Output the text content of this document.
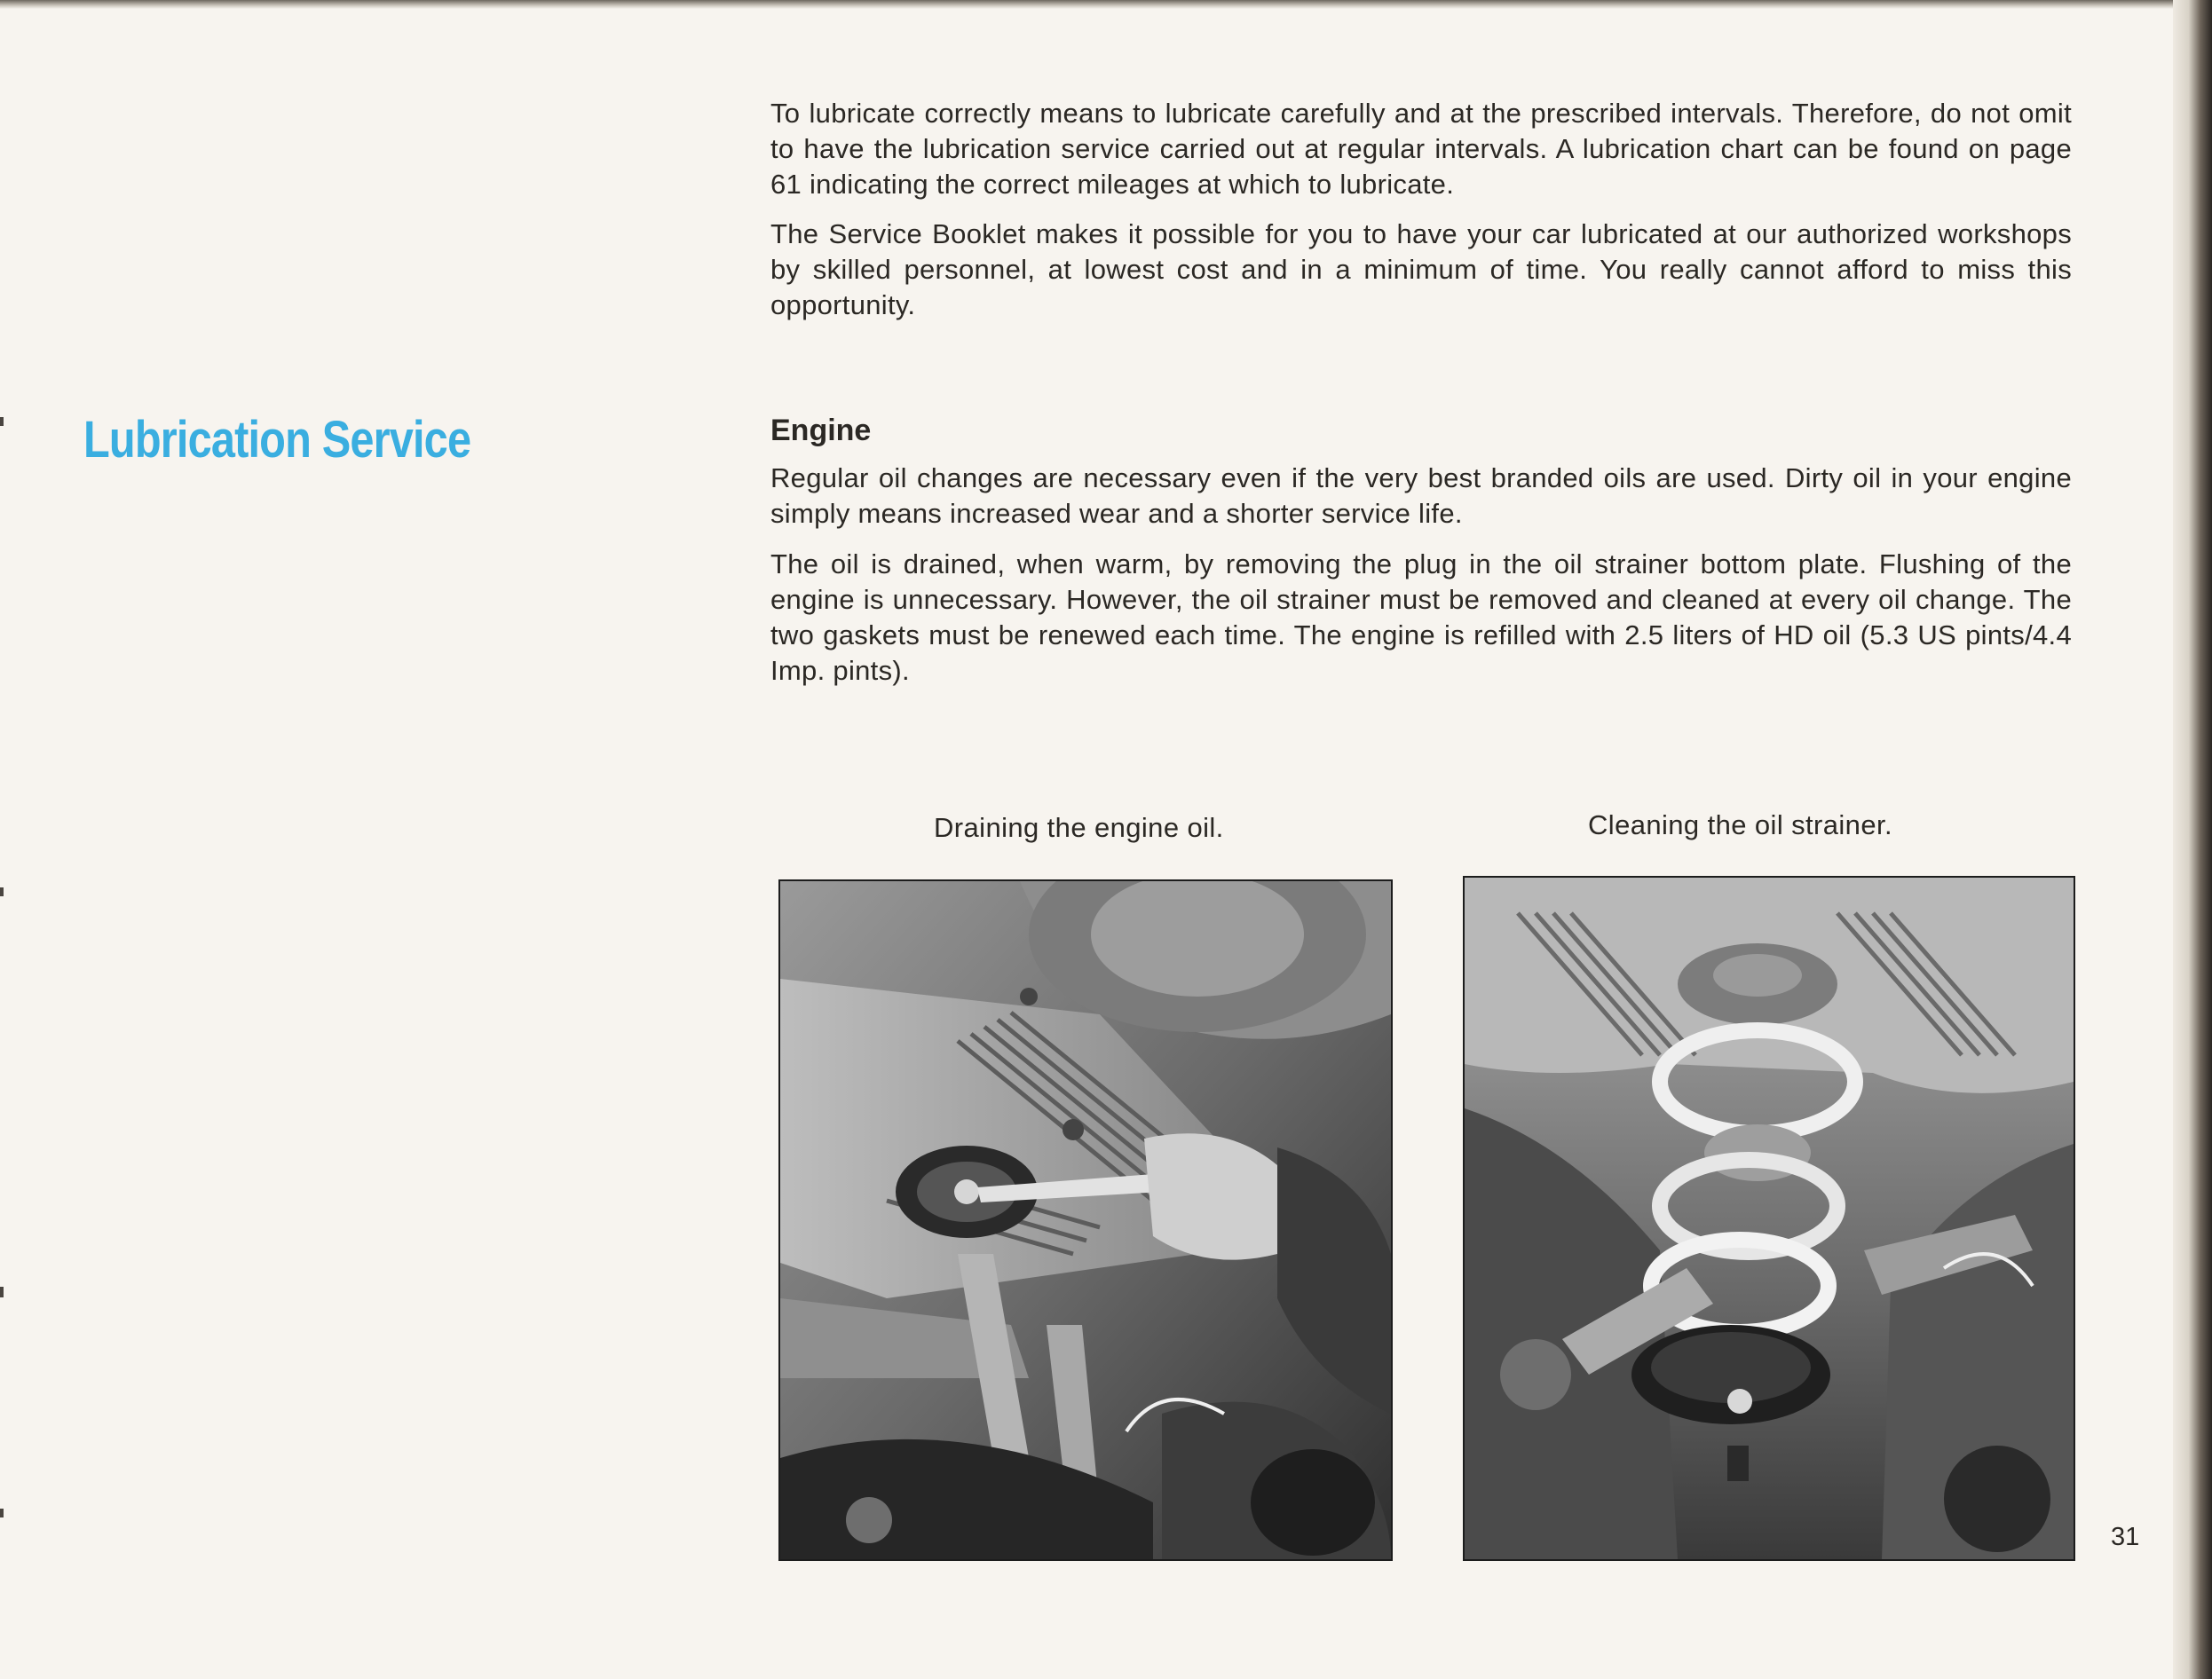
Lubrication Service

To lubricate correctly means to lubricate carefully and at the prescribed intervals. Therefore, do not omit to have the lubrication service carried out at regular intervals. A lubrication chart can be found on page 61 indicating the correct mileages at which to lubricate.

The Service Booklet makes it possible for you to have your car lubricated at our authorized workshops by skilled personnel, at lowest cost and in a minimum of time. You really cannot afford to miss this opportunity.

Engine

Regular oil changes are necessary even if the very best branded oils are used. Dirty oil in your engine simply means increased wear and a shorter service life.

The oil is drained, when warm, by removing the plug in the oil strainer bottom plate. Flushing of the engine is unnecessary. However, the oil strainer must be removed and cleaned at every oil change. The two gaskets must be renewed each time. The engine is refilled with 2.5 liters of HD oil (5.3 US pints/4.4 Imp. pints).

Draining the engine oil.	Cleaning the oil strainer.
31
